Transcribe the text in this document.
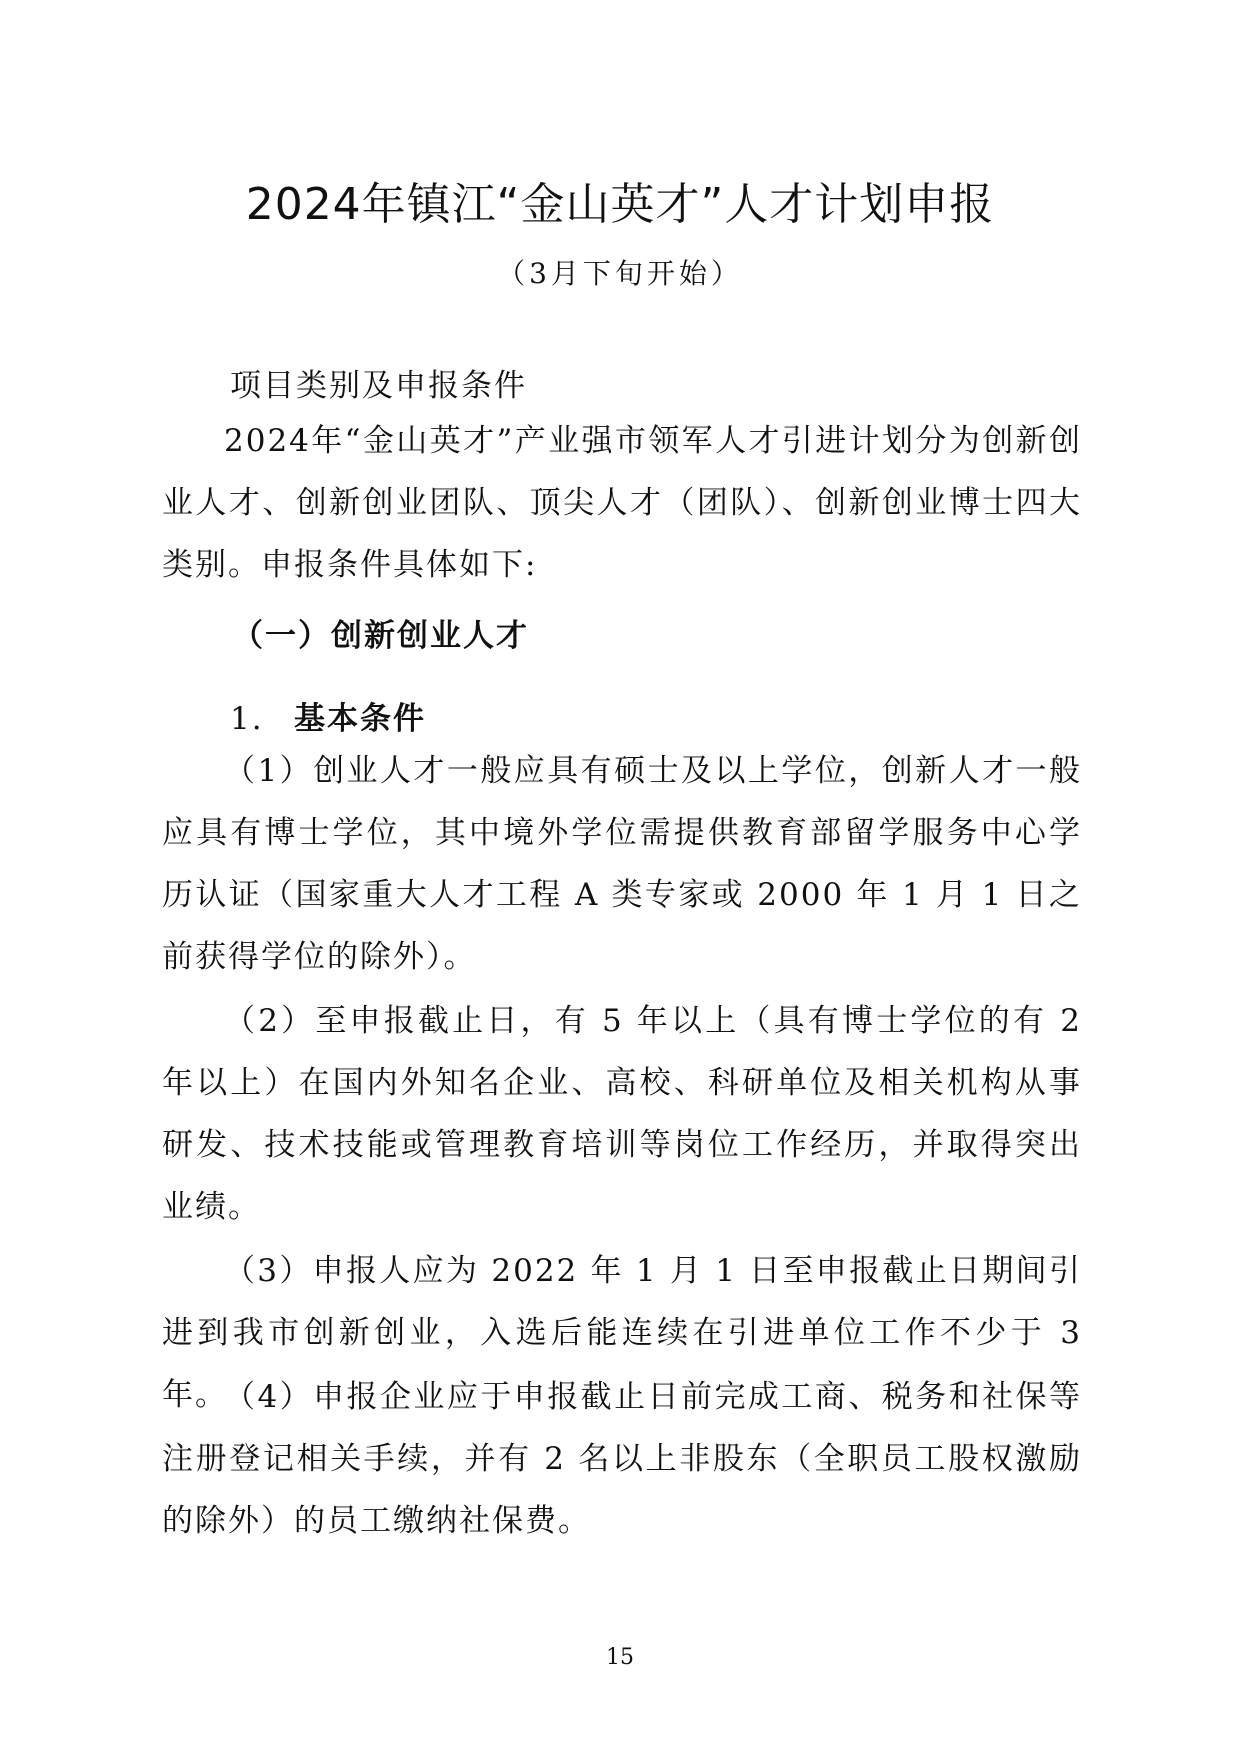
2024年镇江“金山英才”人才计划申报

（3月下旬开始）

项目类别及申报条件

2024年“金山英才”产业强市领军人才引进计划分为创新创业人才、创新创业团队、顶尖人才（团队）、创新创业博士四大类别。申报条件具体如下:

（一）创新创业人才

1. 基本条件

（1）创业人才一般应具有硕士及以上学位，创新人才一般应具有博士学位，其中境外学位需提供教育部留学服务中心学历认证（国家重大人才工程 A 类专家或 2000 年 1 月 1 日之前获得学位的除外）。

（2）至申报截止日，有 5 年以上（具有博士学位的有 2 年以上）在国内外知名企业、高校、科研单位及相关机构从事研发、技术技能或管理教育培训等岗位工作经历，并取得突出业绩。

（3）申报人应为 2022 年 1 月 1 日至申报截止日期间引进到我市创新创业，入选后能连续在引进单位工作不少于 3 年。

（4）申报企业应于申报截止日前完成工商、税务和社保等注册登记相关手续，并有 2 名以上非股东（全职员工股权激励的除外）的员工缴纳社保费。

15
